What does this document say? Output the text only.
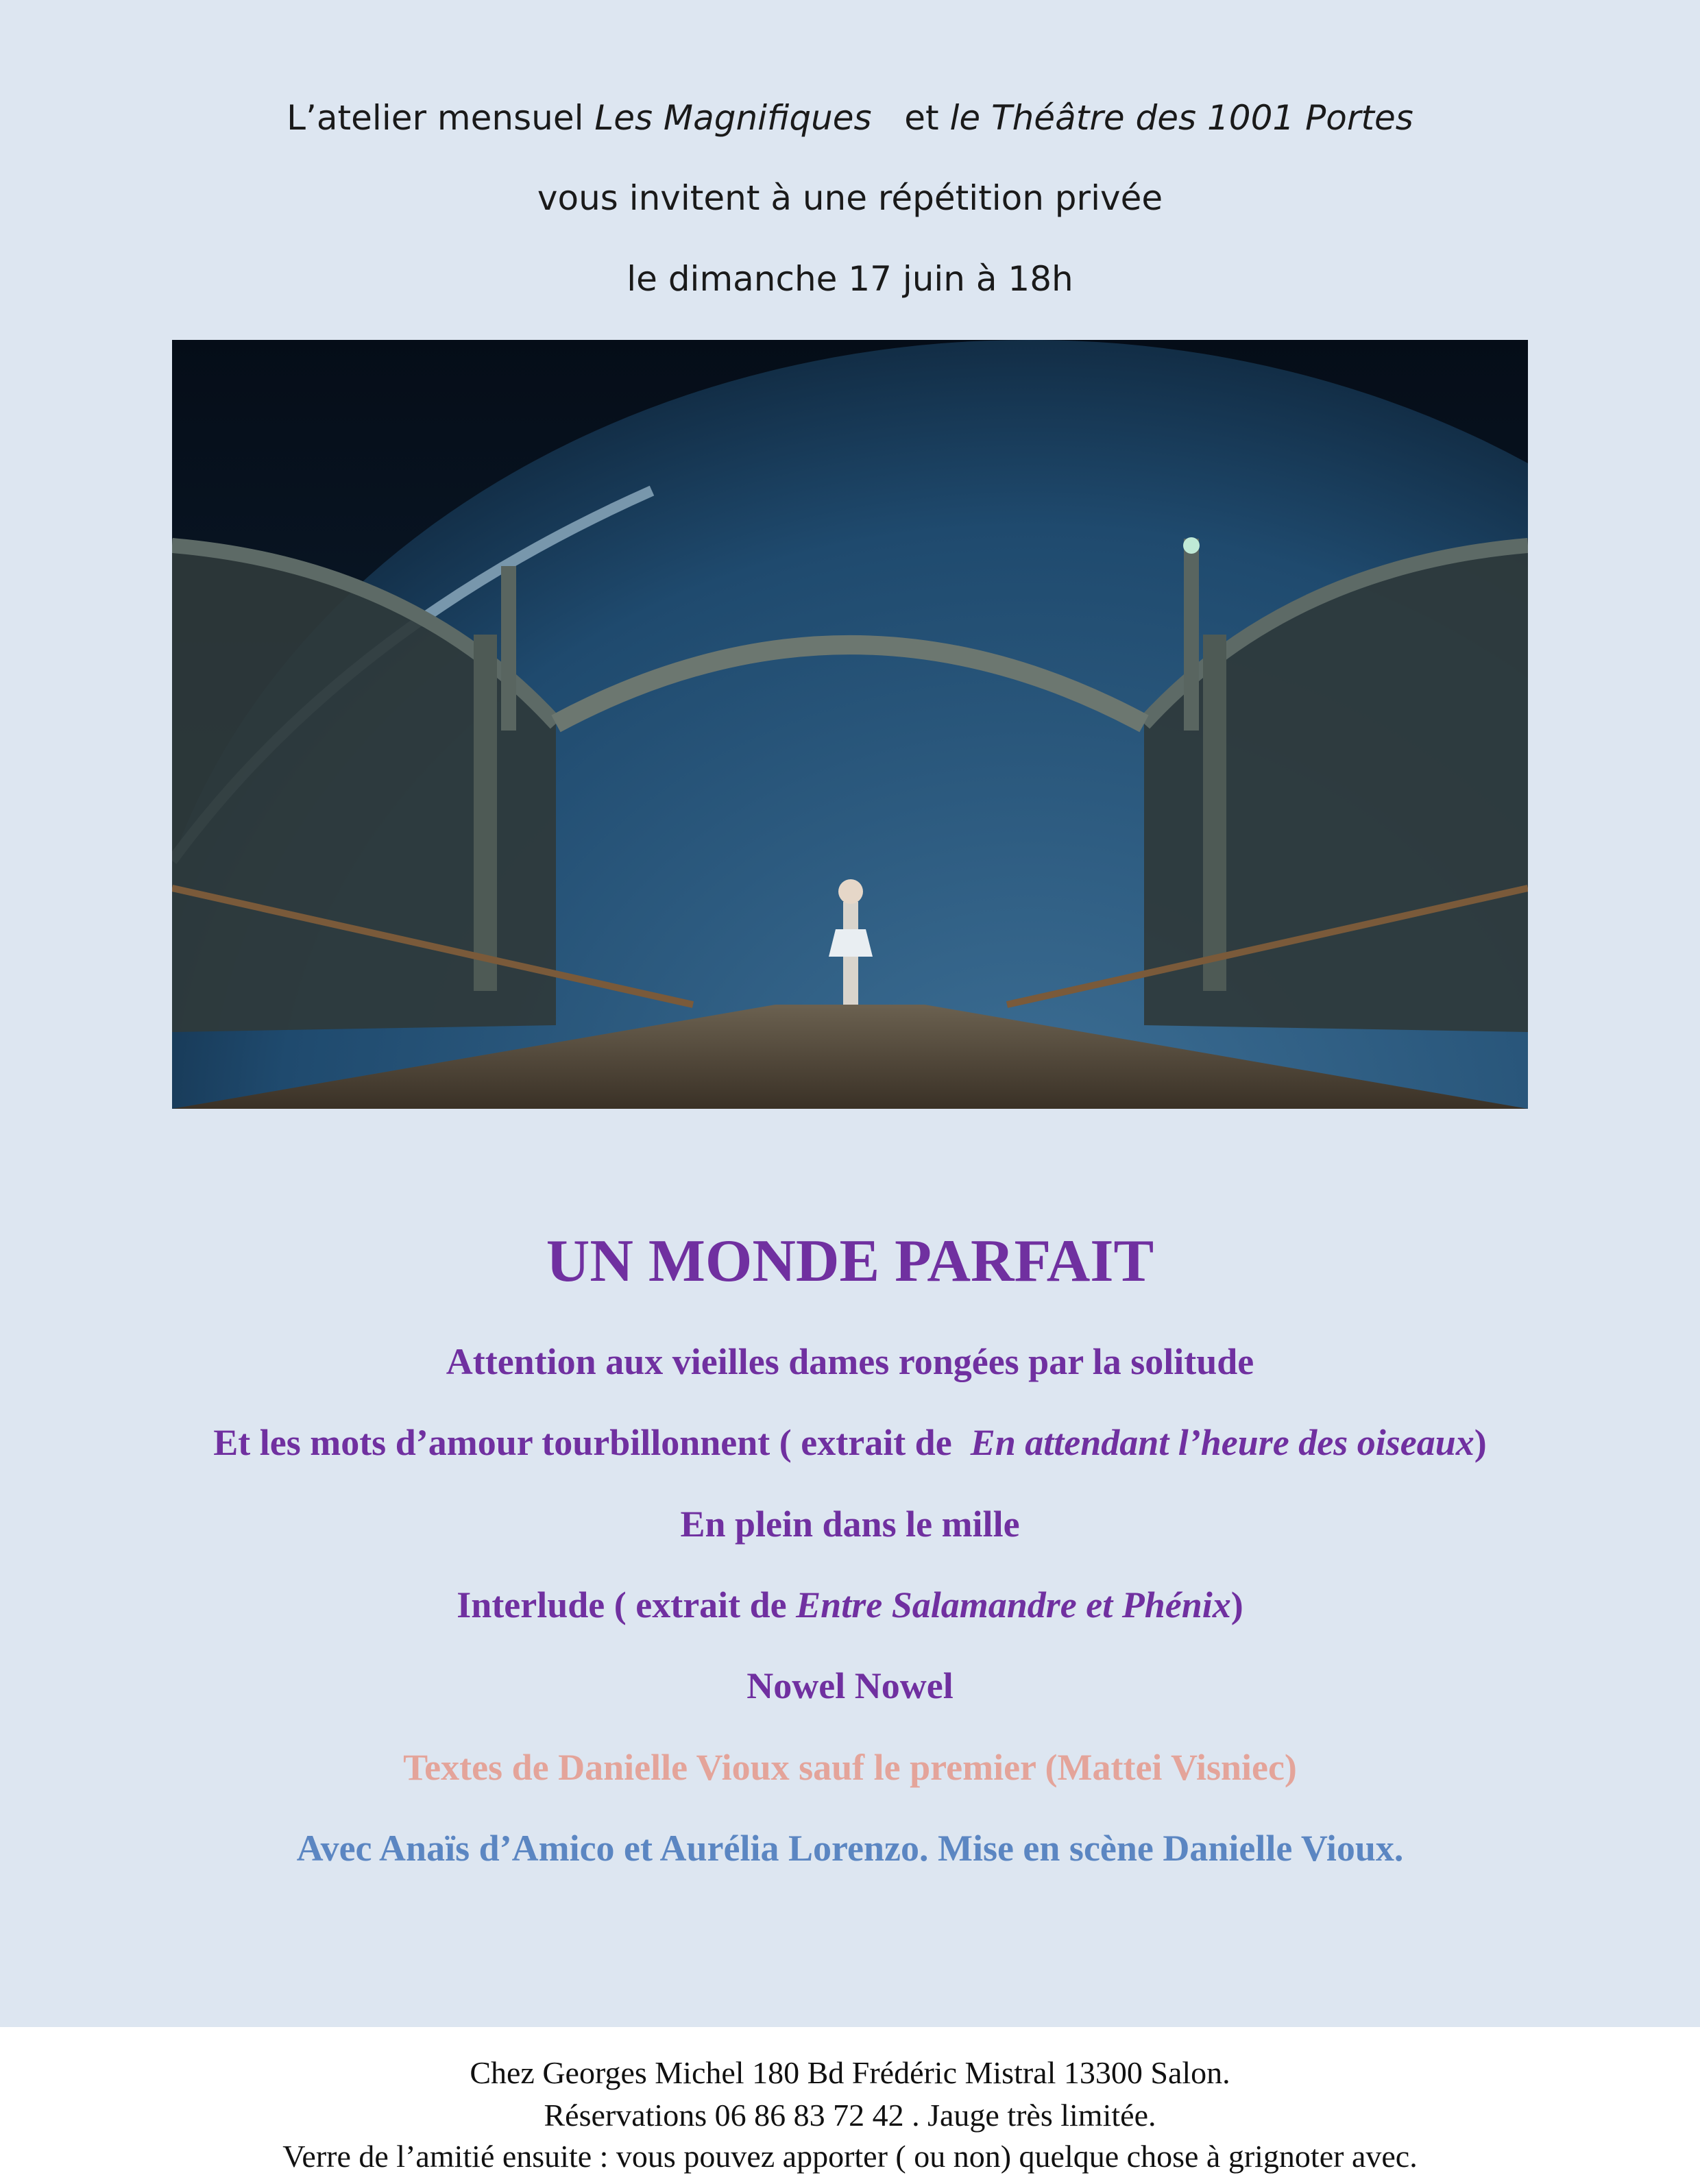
L’atelier mensuel Les Magnifiques   et le Théâtre des 1001 Portes
vous invitent à une répétition privée
le dimanche 17 juin à 18h
UN MONDE PARFAIT
Attention aux vieilles dames rongées par la solitude
Et les mots d’amour tourbillonnent ( extrait de  En attendant l’heure des oiseaux)
En plein dans le mille
Interlude ( extrait de Entre Salamandre et Phénix)
Nowel Nowel
Textes de Danielle Vioux sauf le premier (Mattei Visniec)
Avec Anaïs d’Amico et Aurélia Lorenzo. Mise en scène Danielle Vioux.
Chez Georges Michel 180 Bd Frédéric Mistral 13300 Salon.
Réservations 06 86 83 72 42 . Jauge très limitée.
Verre de l’amitié ensuite : vous pouvez apporter ( ou non) quelque chose à grignoter avec.
